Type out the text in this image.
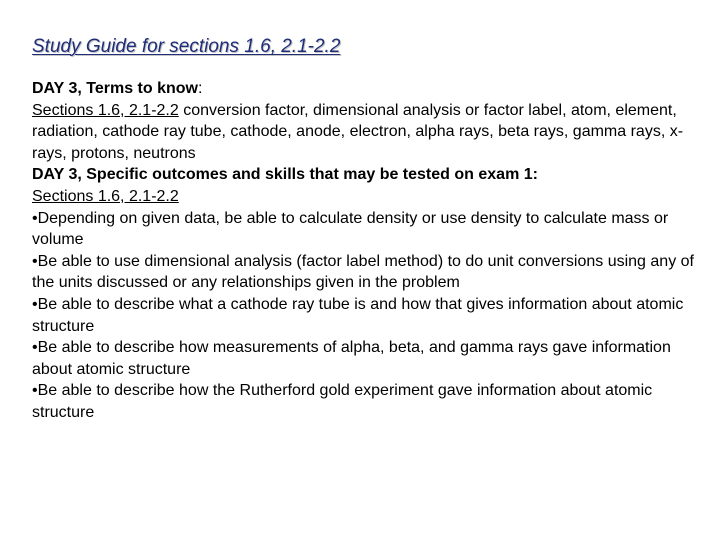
Study Guide for sections 1.6, 2.1-2.2

DAY 3, Terms to know:

Sections 1.6, 2.1-2.2 conversion factor, dimensional analysis or factor label, atom, element, radiation, cathode ray tube, cathode, anode, electron, alpha rays, beta rays, gamma rays, x-rays, protons, neutrons

DAY 3, Specific outcomes and skills that may be tested on exam 1:

Sections 1.6, 2.1-2.2

•Depending on given data, be able to calculate density or use density to calculate mass or volume

•Be able to use dimensional analysis (factor label method) to do unit conversions using any of the units discussed or any relationships given in the problem

•Be able to describe what a cathode ray tube is and how that gives information about atomic structure

•Be able to describe how measurements of alpha, beta, and gamma rays gave information about atomic structure

•Be able to describe how the Rutherford gold experiment gave information about atomic structure
